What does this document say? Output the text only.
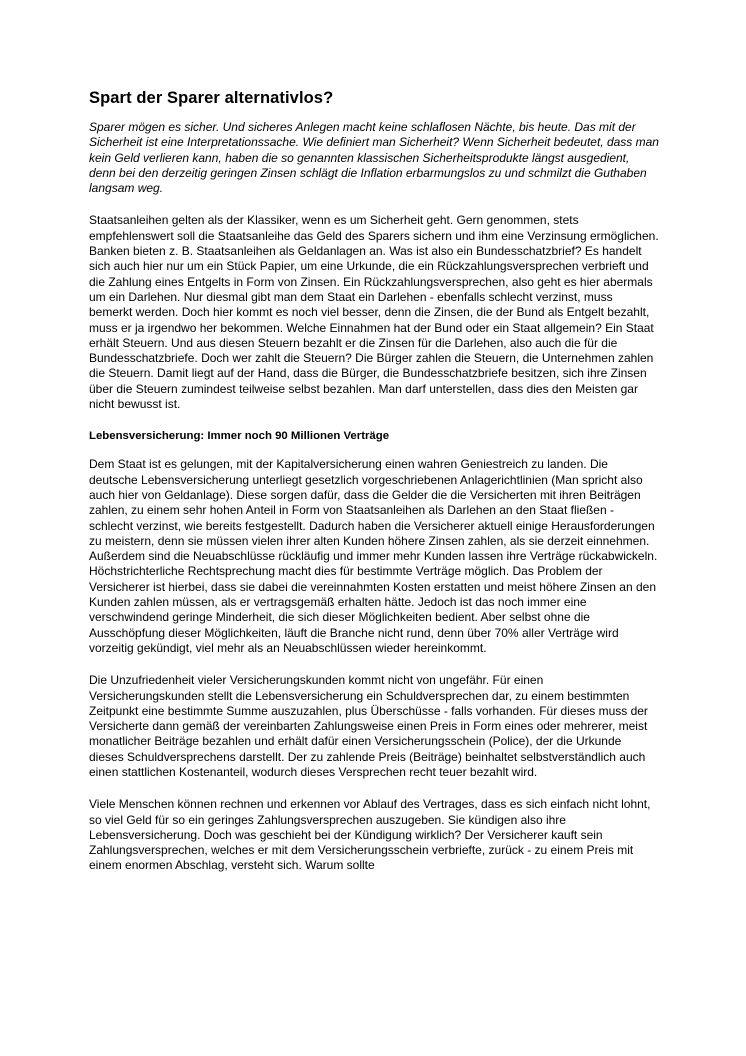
Spart der Sparer alternativlos?

Sparer mögen es sicher. Und sicheres Anlegen macht keine schlaflosen Nächte, bis heute. Das mit der Sicherheit ist eine Interpretationssache. Wie definiert man Sicherheit? Wenn Sicherheit bedeutet, dass man kein Geld verlieren kann, haben die so genannten klassischen Sicherheitsprodukte längst ausgedient, denn bei den derzeitig geringen Zinsen schlägt die Inflation erbarmungslos zu und schmilzt die Guthaben langsam weg.

Staatsanleihen gelten als der Klassiker, wenn es um Sicherheit geht. Gern genommen, stets empfehlenswert soll die Staatsanleihe das Geld des Sparers sichern und ihm eine Verzinsung ermöglichen. Banken bieten z. B. Staatsanleihen als Geldanlagen an. Was ist also ein Bundesschatzbrief? Es handelt sich auch hier nur um ein Stück Papier, um eine Urkunde, die ein Rückzahlungsversprechen verbrieft und die Zahlung eines Entgelts in Form von Zinsen. Ein Rückzahlungsversprechen, also geht es hier abermals um ein Darlehen. Nur diesmal gibt man dem Staat ein Darlehen - ebenfalls schlecht verzinst, muss bemerkt werden. Doch hier kommt es noch viel besser, denn die Zinsen, die der Bund als Entgelt bezahlt, muss er ja irgendwo her bekommen. Welche Einnahmen hat der Bund oder ein Staat allgemein? Ein Staat erhält Steuern. Und aus diesen Steuern bezahlt er die Zinsen für die Darlehen, also auch die für die Bundesschatzbriefe. Doch wer zahlt die Steuern? Die Bürger zahlen die Steuern, die Unternehmen zahlen die Steuern. Damit liegt auf der Hand, dass die Bürger, die Bundesschatzbriefe besitzen, sich ihre Zinsen über die Steuern zumindest teilweise selbst bezahlen. Man darf unterstellen, dass dies den Meisten gar nicht bewusst ist.

Lebensversicherung: Immer noch 90 Millionen Verträge

Dem Staat ist es gelungen, mit der Kapitalversicherung einen wahren Geniestreich zu landen. Die deutsche Lebensversicherung unterliegt gesetzlich vorgeschriebenen Anlagerichtlinien (Man spricht also auch hier von Geldanlage). Diese sorgen dafür, dass die Gelder die die Versicherten mit ihren Beiträgen zahlen, zu einem sehr hohen Anteil in Form von Staatsanleihen als Darlehen an den Staat fließen - schlecht verzinst, wie bereits festgestellt. Dadurch haben die Versicherer aktuell einige Herausforderungen zu meistern, denn sie müssen vielen ihrer alten Kunden höhere Zinsen zahlen, als sie derzeit einnehmen. Außerdem sind die Neuabschlüsse rückläufig und immer mehr Kunden lassen ihre Verträge rückabwickeln. Höchstrichterliche Rechtsprechung macht dies für bestimmte Verträge möglich. Das Problem der Versicherer ist hierbei, dass sie dabei die vereinnahmten Kosten erstatten und meist höhere Zinsen an den Kunden zahlen müssen, als er vertragsgemäß erhalten hätte. Jedoch ist das noch immer eine verschwindend geringe Minderheit, die sich dieser Möglichkeiten bedient. Aber selbst ohne die Ausschöpfung dieser Möglichkeiten, läuft die Branche nicht rund, denn über 70% aller Verträge wird vorzeitig gekündigt, viel mehr als an Neuabschlüssen wieder hereinkommt.

Die Unzufriedenheit vieler Versicherungskunden kommt nicht von ungefähr. Für einen Versicherungskunden stellt die Lebensversicherung ein Schuldversprechen dar, zu einem bestimmten Zeitpunkt eine bestimmte Summe auszuzahlen, plus Überschüsse - falls vorhanden. Für dieses muss der Versicherte dann gemäß der vereinbarten Zahlungsweise einen Preis in Form eines oder mehrerer, meist monatlicher Beiträge bezahlen und erhält dafür einen Versicherungsschein (Police), der die Urkunde dieses Schuldversprechens darstellt. Der zu zahlende Preis (Beiträge) beinhaltet selbstverständlich auch einen stattlichen Kostenanteil, wodurch dieses Versprechen recht teuer bezahlt wird.

Viele Menschen können rechnen und erkennen vor Ablauf des Vertrages, dass es sich einfach nicht lohnt, so viel Geld für so ein geringes Zahlungsversprechen auszugeben. Sie kündigen also ihre Lebensversicherung. Doch was geschieht bei der Kündigung wirklich? Der Versicherer kauft sein Zahlungsversprechen, welches er mit dem Versicherungsschein verbriefte, zurück - zu einem Preis mit einem enormen Abschlag, versteht sich. Warum sollte
